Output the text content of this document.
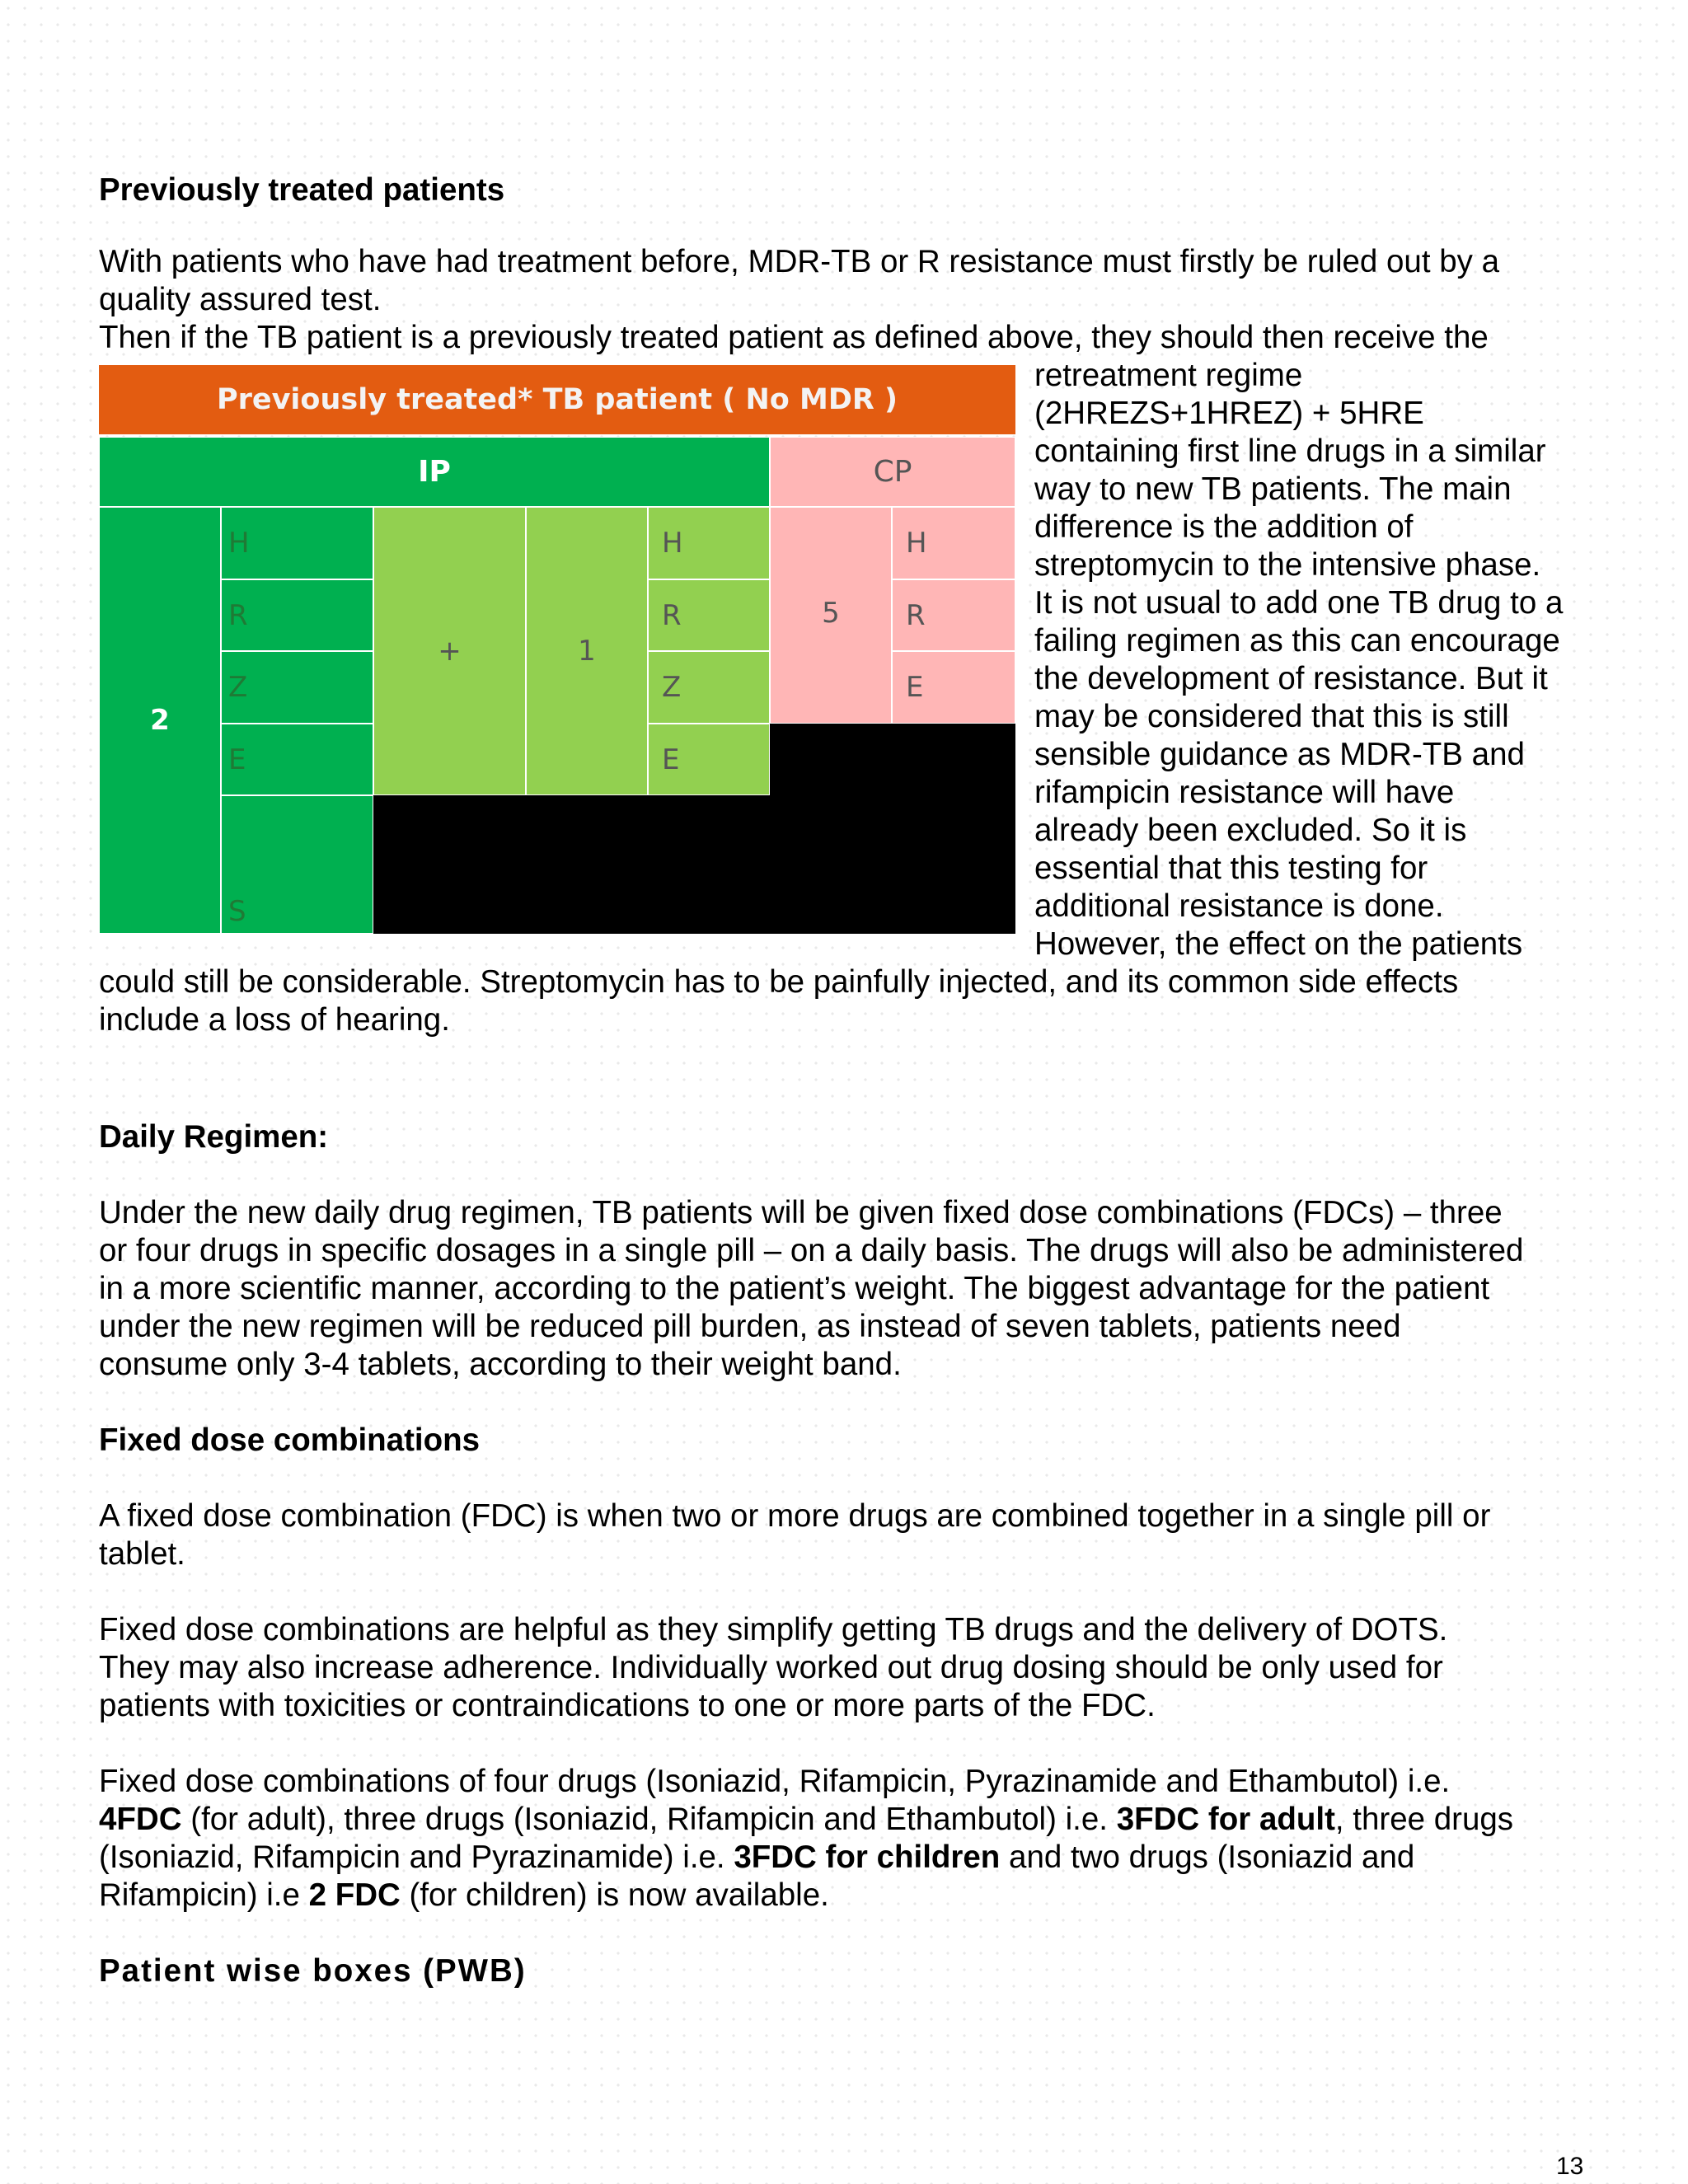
Previously treated patients
With patients who have had treatment before, MDR-TB or R resistance must firstly be ruled out by a
quality assured test.
Then if the TB patient is a previously treated patient as defined above, they should then receive the
retreatment regime
(2HREZS+1HREZ) + 5HRE
containing first line drugs in a similar
way to new TB patients. The main
difference is the addition of
streptomycin to the intensive phase.
It is not usual to add one TB drug to a
failing regimen as this can encourage
the development of resistance. But it
may be considered that this is still
sensible guidance as MDR-TB and
rifampicin resistance will have
already been excluded. So it is
essential that this testing for
additional resistance is done.
However, the effect on the patients
could still be considerable. Streptomycin has to be painfully injected, and its common side effects
include a loss of hearing.
Previously treated* TB patient ( No MDR )
IP	CP
2
H
R
Z
E
S
+	1
H
R
Z
E
5
H
R
E
Daily Regimen:
Under the new daily drug regimen, TB patients will be given fixed dose combinations (FDCs) – three
or four drugs in specific dosages in a single pill – on a daily basis. The drugs will also be administered
in a more scientific manner, according to the patient’s weight. The biggest advantage for the patient
under the new regimen will be reduced pill burden, as instead of seven tablets, patients need
consume only 3-4 tablets, according to their weight band.
Fixed dose combinations
A fixed dose combination (FDC) is when two or more drugs are combined together in a single pill or
tablet.
Fixed dose combinations are helpful as they simplify getting TB drugs and the delivery of DOTS.
They may also increase adherence. Individually worked out drug dosing should be only used for
patients with toxicities or contraindications to one or more parts of the FDC.
Fixed dose combinations of four drugs (Isoniazid, Rifampicin, Pyrazinamide and Ethambutol) i.e.
4FDC (for adult), three drugs (Isoniazid, Rifampicin and Ethambutol) i.e. 3FDC for adult, three drugs
(Isoniazid, Rifampicin and Pyrazinamide) i.e. 3FDC for children and two drugs (Isoniazid and
Rifampicin) i.e 2 FDC (for children) is now available.
Patient wise boxes (PWB)
13
